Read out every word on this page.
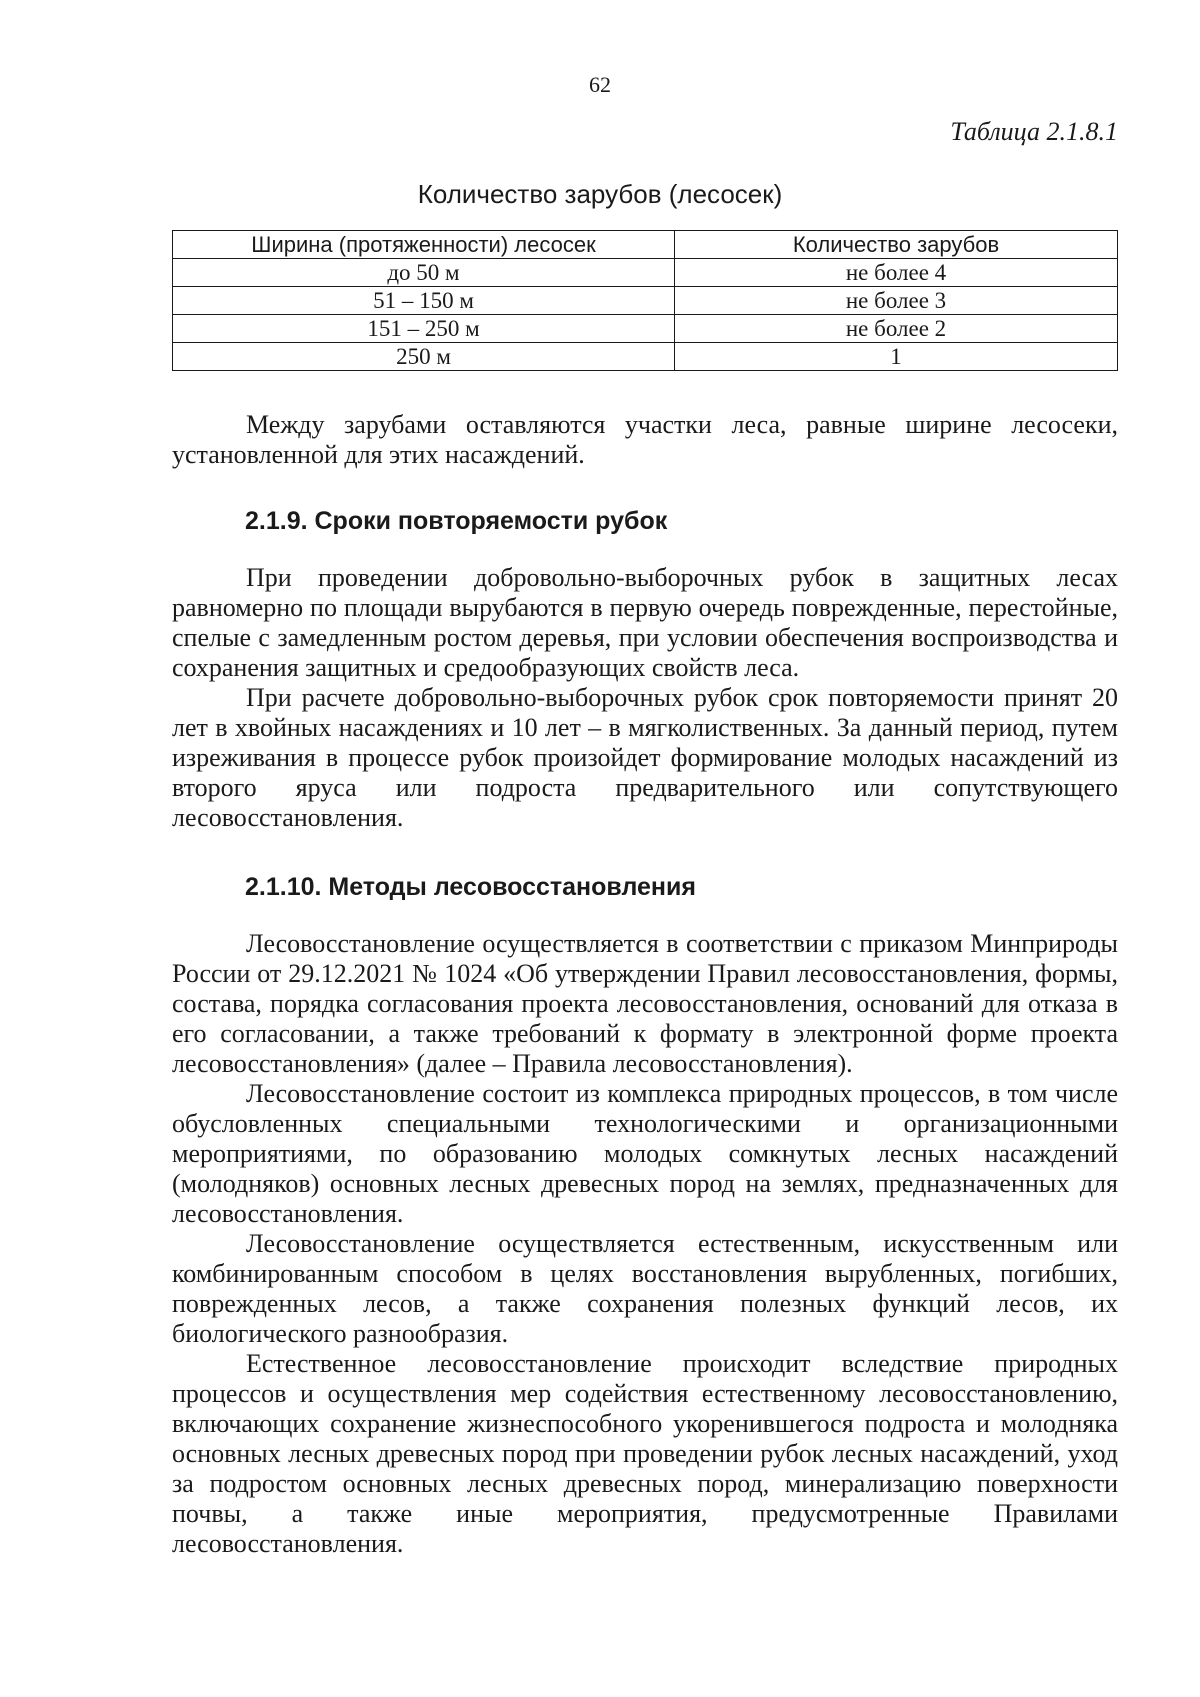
62
Таблица 2.1.8.1
Количество зарубов (лесосек)
Ширина (протяженности) лесосек	Количество зарубов
до 50 м	не более 4
51 – 150 м	не более 3
151 – 250 м	не более 2
250 м	1

Между зарубами оставляются участки леса, равные ширине лесосеки, установленной для этих насаждений.

2.1.9. Сроки повторяемости рубок

При проведении добровольно-выборочных рубок в защитных лесах равномерно по площади вырубаются в первую очередь поврежденные, перестойные, спелые с замедленным ростом деревья, при условии обеспечения воспроизводства и сохранения защитных и средообразующих свойств леса.

При расчете добровольно-выборочных рубок срок повторяемости принят 20 лет в хвойных насаждениях и 10 лет – в мягколиственных. За данный период, путем изреживания в процессе рубок произойдет формирование молодых насаждений из второго яруса или подроста предварительного или сопутствующего лесовосстановления.

2.1.10. Методы лесовосстановления

Лесовосстановление осуществляется в соответствии с приказом Минприроды России от 29.12.2021 № 1024 «Об утверждении Правил лесовосстановления, формы, состава, порядка согласования проекта лесовосстановления, оснований для отказа в его согласовании, а также требований к формату в электронной форме проекта лесовосстановления» (далее – Правила лесовосстановления).

Лесовосстановление состоит из комплекса природных процессов, в том числе обусловленных специальными технологическими и организационными мероприятиями, по образованию молодых сомкнутых лесных насаждений (молодняков) основных лесных древесных пород на землях, предназначенных для лесовосстановления.

Лесовосстановление осуществляется естественным, искусственным или комбинированным способом в целях восстановления вырубленных, погибших, поврежденных лесов, а также сохранения полезных функций лесов, их биологического разнообразия.

Естественное лесовосстановление происходит вследствие природных процессов и осуществления мер содействия естественному лесовосстановлению, включающих сохранение жизнеспособного укоренившегося подроста и молодняка основных лесных древесных пород при проведении рубок лесных насаждений, уход за подростом основных лесных древесных пород, минерализацию поверхности почвы, а также иные мероприятия, предусмотренные Правилами лесовосстановления.
